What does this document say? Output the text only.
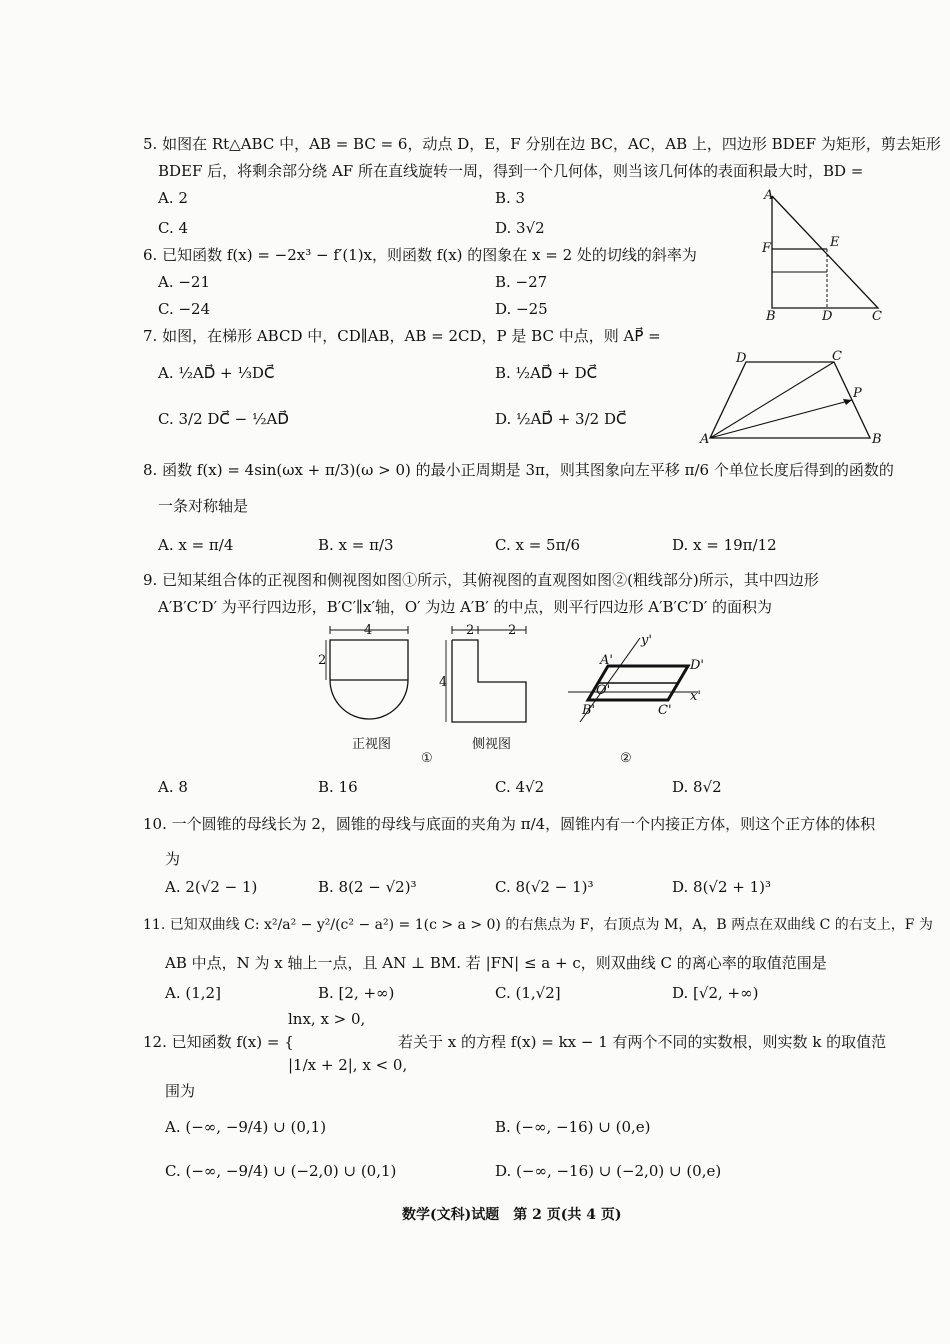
5. 如图在 Rt△ABC 中，AB = BC = 6，动点 D，E，F 分别在边 BC，AC，AB 上，四边形 BDEF 为矩形，剪去矩形
BDEF 后，将剩余部分绕 AF 所在直线旋转一周，得到一个几何体，则当该几何体的表面积最大时，BD =
A. 2	B. 3
C. 4	D. 3√2
A
F	E
B	D	C
6. 已知函数 f(x) = −2x³ − f′(1)x，则函数 f(x) 的图象在 x = 2 处的切线的斜率为
A. −21	B. −27
C. −24	D. −25
7. 如图，在梯形 ABCD 中，CD∥AB，AB = 2CD，P 是 BC 中点，则 AP⃗ =
A. ½AD⃗ + ⅓DC⃗	B. ½AD⃗ + DC⃗
C. 3/2 DC⃗ − ½AD⃗	D. ½AD⃗ + 3/2 DC⃗
D	C
P
A	B
8. 函数 f(x) = 4sin(ωx + π/3)(ω > 0) 的最小正周期是 3π，则其图象向左平移 π/6 个单位长度后得到的函数的
一条对称轴是
A. x = π/4	B. x = π/3	C. x = 5π/6	D. x = 19π/12
9. 已知某组合体的正视图和侧视图如图①所示，其俯视图的直观图如图②(粗线部分)所示，其中四边形
A′B′C′D′ 为平行四边形，B′C′∥x′轴，O′ 为边 A′B′ 的中点，则平行四边形 A′B′C′D′ 的面积为
4
2
2	2
4
正视图	侧视图
①
y'
A'	D'
O'	x'
B'	C'
②
A. 8	B. 16	C. 4√2	D. 8√2
10. 一个圆锥的母线长为 2，圆锥的母线与底面的夹角为 π/4，圆锥内有一个内接正方体，则这个正方体的体积
为
A. 2(√2 − 1)	B. 8(2 − √2)³	C. 8(√2 − 1)³	D. 8(√2 + 1)³
11. 已知双曲线 C: x²/a² − y²/(c² − a²) = 1(c > a > 0) 的右焦点为 F，右顶点为 M，A，B 两点在双曲线 C 的右支上，F 为
AB 中点，N 为 x 轴上一点，且 AN ⊥ BM. 若 |FN| ≤ a + c，则双曲线 C 的离心率的取值范围是
A. (1,2]	B. [2, +∞)	C. (1,√2]	D. [√2, +∞)
lnx, x > 0,
12. 已知函数 f(x) = {
|1/x + 2|, x < 0,
若关于 x 的方程 f(x) = kx − 1 有两个不同的实数根，则实数 k 的取值范
围为
A. (−∞, −9/4) ∪ (0,1)	B. (−∞, −16) ∪ (0,e)
C. (−∞, −9/4) ∪ (−2,0) ∪ (0,1)	D. (−∞, −16) ∪ (−2,0) ∪ (0,e)
数学(文科)试题　第 2 页(共 4 页)
